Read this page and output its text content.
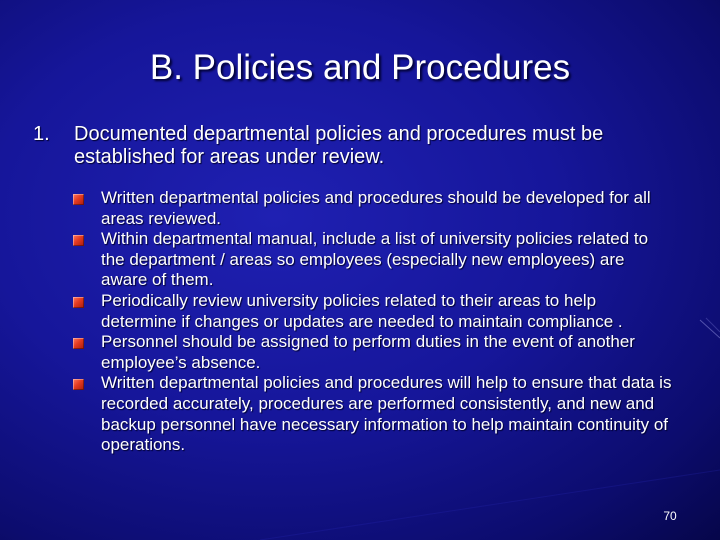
B. Policies and Procedures
1. Documented departmental policies and procedures must be established for areas under review.
Written departmental policies and procedures should be developed for all areas reviewed.
Within departmental manual, include a list of university policies related to the department / areas so employees (especially new employees) are aware of them.
Periodically review university policies related to their areas to help determine if changes or updates are needed to maintain compliance .
Personnel should be assigned to perform duties in the event of another employee’s absence.
Written departmental policies and procedures will help to ensure that data is recorded accurately, procedures are performed consistently, and new and backup personnel have necessary information to help maintain continuity of operations.
70
